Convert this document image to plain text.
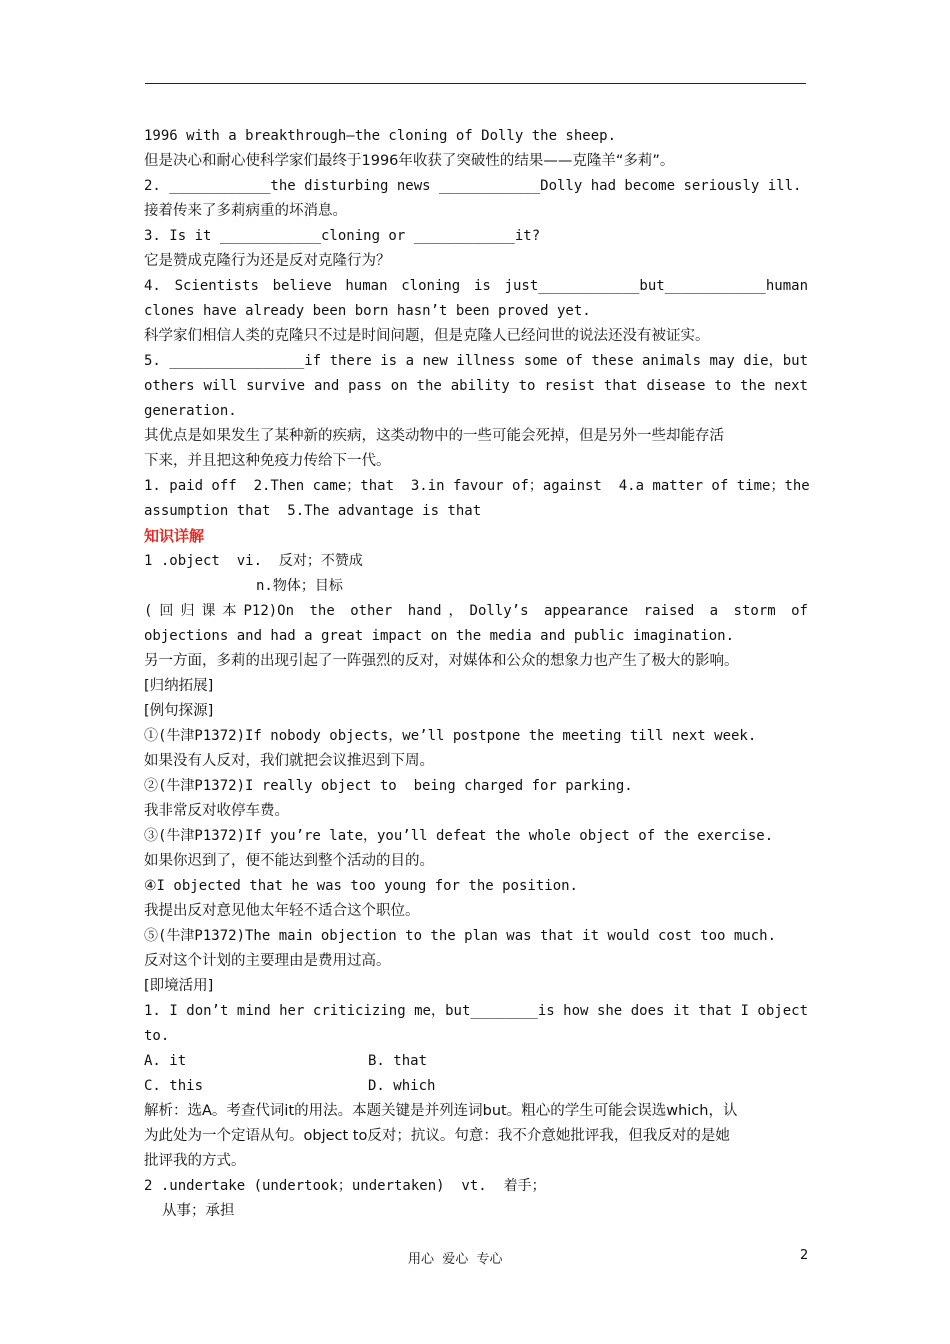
1996 with a breakthrough—the cloning of Dolly the sheep.
但是决心和耐心使科学家们最终于1996年收获了突破性的结果——克隆羊“多莉”。
2. ____________the disturbing news ____________Dolly had become seriously ill.
接着传来了多莉病重的坏消息。
3. Is it ____________cloning or ____________it?
它是赞成克隆行为还是反对克隆行为？
4. Scientists believe human cloning is just____________but____________human
clones have already been born hasn’t been proved yet.
科学家们相信人类的克隆只不过是时间问题，但是克隆人已经问世的说法还没有被证实。
5. ________________if there is a new illness some of these animals may die，but
others will survive and pass on the ability to resist that disease to the next
generation.
其优点是如果发生了某种新的疾病，这类动物中的一些可能会死掉，但是另外一些却能存活
下来，并且把这种免疫力传给下一代。
1. paid off  2.Then came；that  3.in favour of；against  4.a matter of time；the
assumption that  5.The advantage is that
知识详解
1 .object  vi.  反对；不赞成
n.物体；目标
(回归课本P12)On the other hand，Dolly’s appearance raised a storm of
objections and had a great impact on the media and public imagination.
另一方面，多莉的出现引起了一阵强烈的反对，对媒体和公众的想象力也产生了极大的影响。
[归纳拓展]
[例句探源]
①(牛津P1372)If nobody objects，we’ll postpone the meeting till next week.
如果没有人反对，我们就把会议推迟到下周。
②(牛津P1372)I really object to  being charged for parking.
我非常反对收停车费。
③(牛津P1372)If you’re late，you’ll defeat the whole object of the exercise.
如果你迟到了，便不能达到整个活动的目的。
④I objected that he was too young for the position.
我提出反对意见他太年轻不适合这个职位。
⑤(牛津P1372)The main objection to the plan was that it would cost too much.
反对这个计划的主要理由是费用过高。
[即境活用]
1. I don’t mind her criticizing me，but________is how she does it that I object
to.
A. it	B. that
C. this	D. which
解析：选A。考查代词it的用法。本题关键是并列连词but。粗心的学生可能会误选which，认
为此处为一个定语从句。object to反对；抗议。句意：我不介意她批评我，但我反对的是她
批评我的方式。
2 .undertake (undertook；undertaken)  vt.  着手；
从事；承担
用心  爱心  专心	2
